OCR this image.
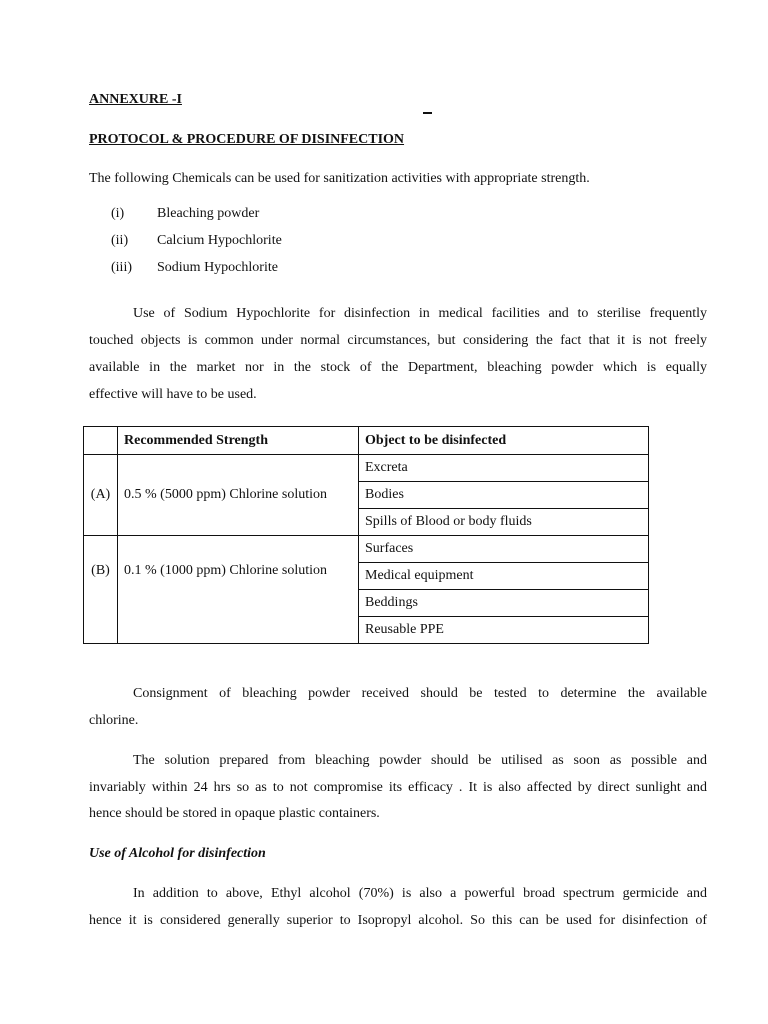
ANNEXURE -I
PROTOCOL & PROCEDURE OF DISINFECTION
The following Chemicals can be used for sanitization activities with appropriate strength.
(i) Bleaching powder
(ii) Calcium Hypochlorite
(iii) Sodium Hypochlorite
Use of Sodium Hypochlorite for disinfection in medical facilities and to sterilise frequently
touched objects is common under normal circumstances, but considering the fact that it is not freely
available in the market nor in the stock of the Department, bleaching powder which is equally
effective will have to be used.
	Recommended Strength	Object to be disinfected
(A)	0.5 % (5000 ppm) Chlorine solution	Excreta
		Bodies
		Spills of Blood or body fluids
(B)	0.1 % (1000 ppm) Chlorine solution	Surfaces
		Medical equipment
		Beddings
		Reusable PPE
Consignment of bleaching powder received should be tested to determine the available
chlorine.
The solution prepared from bleaching powder should be utilised as soon as possible and
invariably within 24 hrs so as to not compromise its efficacy . It is also affected by direct sunlight and
hence should be stored in opaque plastic containers.
Use of Alcohol for disinfection
In addition to above, Ethyl alcohol (70%) is also a powerful broad spectrum germicide and
hence it is considered generally superior to Isopropyl alcohol. So this can be used for disinfection of
